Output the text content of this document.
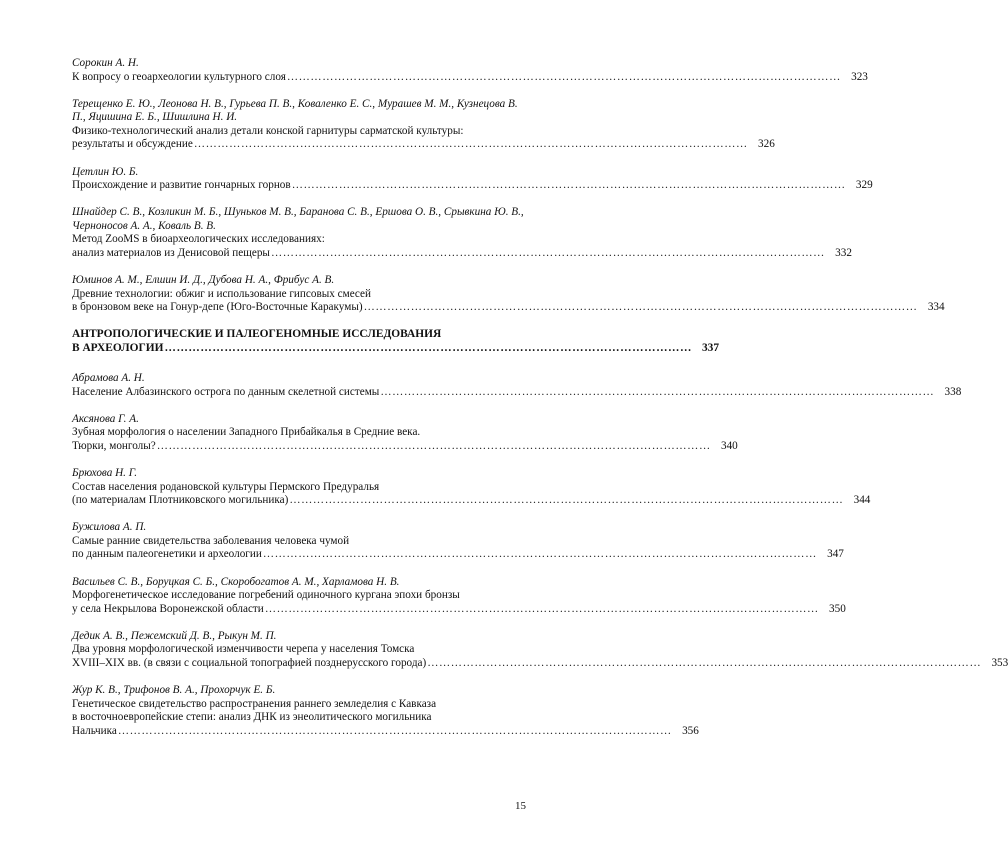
Сорокин А. Н.
К вопросу о геоархеологии культурного слоя …………………………………………………………………………………………………………………………… 323
Терещенко Е. Ю., Леонова Н. В., Гурьева П. В., Коваленко Е. С., Мурашев М. М., Кузнецова В. П., Яцишина Е. Б., Шишлина Н. И.
Физико-технологический анализ детали конской гарнитуры сарматской культуры:
результаты и обсуждение …………………………………………………………………………………………………………………………… 326
Цетлин Ю. Б.
Происхождение и развитие гончарных горнов …………………………………………………………………………………………………………………………… 329
Шнайдер С. В., Козликин М. Б., Шуньков М. В., Баранова С. В., Ершова О. В., Срывкина Ю. В., Черноносов А. А., Коваль В. В.
Метод ZooMS в биоархеологических исследованиях:
анализ материалов из Денисовой пещеры …………………………………………………………………………………………………………………………… 332
Юминов А. М., Елшин И. Д., Дубова Н. А., Фрибус А. В.
Древние технологии: обжиг и использование гипсовых смесей
в бронзовом веке на Гонур-депе (Юго-Восточные Каракумы) …………………………………………………………………………………………………………………………… 334
АНТРОПОЛОГИЧЕСКИЕ И ПАЛЕОГЕНОМНЫЕ ИССЛЕДОВАНИЯ
В АРХЕОЛОГИИ …………………………………………………………………………………………………………………… 337
Абрамова А. Н.
Население Албазинского острога по данным скелетной системы …………………………………………………………………………………………………………………………… 338
Аксянова Г. А.
Зубная морфология о населении Западного Прибайкалья в Средние века.
Тюрки, монголы? …………………………………………………………………………………………………………………………… 340
Брюхова Н. Г.
Состав населения родановской культуры Пермского Предуралья
(по материалам Плотниковского могильника) …………………………………………………………………………………………………………………………… 344
Бужилова А. П.
Самые ранние свидетельства заболевания человека чумой
по данным палеогенетики и археологии …………………………………………………………………………………………………………………………… 347
Васильев С. В., Боруцкая С. Б., Скоробогатов А. М., Харламова Н. В.
Морфогенетическое исследование погребений одиночного кургана эпохи бронзы
у села Некрылова Воронежской области …………………………………………………………………………………………………………………………… 350
Дедик А. В., Пежемский Д. В., Рыкун М. П.
Два уровня морфологической изменчивости черепа у населения Томска
XVIII–XIX вв. (в связи с социальной топографией позднерусского города) …………………………………………………………………………………………………………………………… 353
Жур К. В., Трифонов В. А., Прохорчук Е. Б.
Генетическое свидетельство распространения раннего земледелия с Кавказа
в восточноевропейские степи: анализ ДНК из энеолитического могильника
Нальчика …………………………………………………………………………………………………………………………… 356
15
